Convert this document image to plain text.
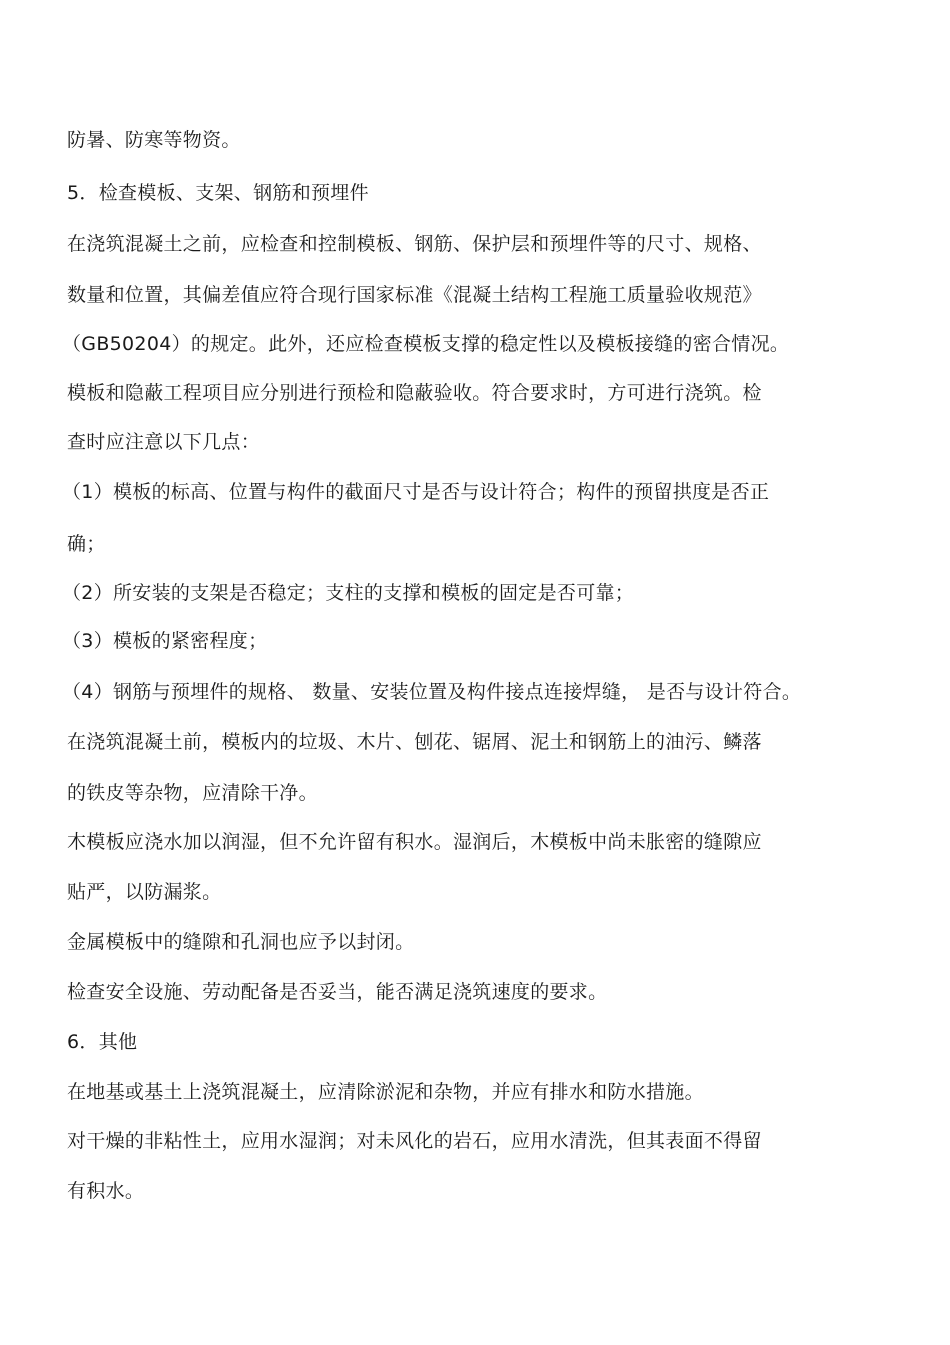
防暑、防寒等物资。
5．检查模板、支架、钢筋和预埋件
在浇筑混凝土之前，应检查和控制模板、钢筋、保护层和预埋件等的尺寸、规格、
数量和位置，其偏差值应符合现行国家标准《混凝土结构工程施工质量验收规范》
（GB50204）的规定。此外，还应检查模板支撑的稳定性以及模板接缝的密合情况。
模板和隐蔽工程项目应分别进行预检和隐蔽验收。符合要求时，方可进行浇筑。检
查时应注意以下几点：
（1）模板的标高、位置与构件的截面尺寸是否与设计符合；构件的预留拱度是否正
确；
（2）所安装的支架是否稳定；支柱的支撑和模板的固定是否可靠；
（3）模板的紧密程度；
（4）钢筋与预埋件的规格、 数量、安装位置及构件接点连接焊缝， 是否与设计符合。
在浇筑混凝土前，模板内的垃圾、木片、刨花、锯屑、泥土和钢筋上的油污、鳞落
的铁皮等杂物，应清除干净。
木模板应浇水加以润湿，但不允许留有积水。湿润后，木模板中尚未胀密的缝隙应
贴严，以防漏浆。
金属模板中的缝隙和孔洞也应予以封闭。
检查安全设施、劳动配备是否妥当，能否满足浇筑速度的要求。
6．其他
在地基或基土上浇筑混凝土，应清除淤泥和杂物，并应有排水和防水措施。
对干燥的非粘性土，应用水湿润；对未风化的岩石，应用水清洗，但其表面不得留
有积水。
